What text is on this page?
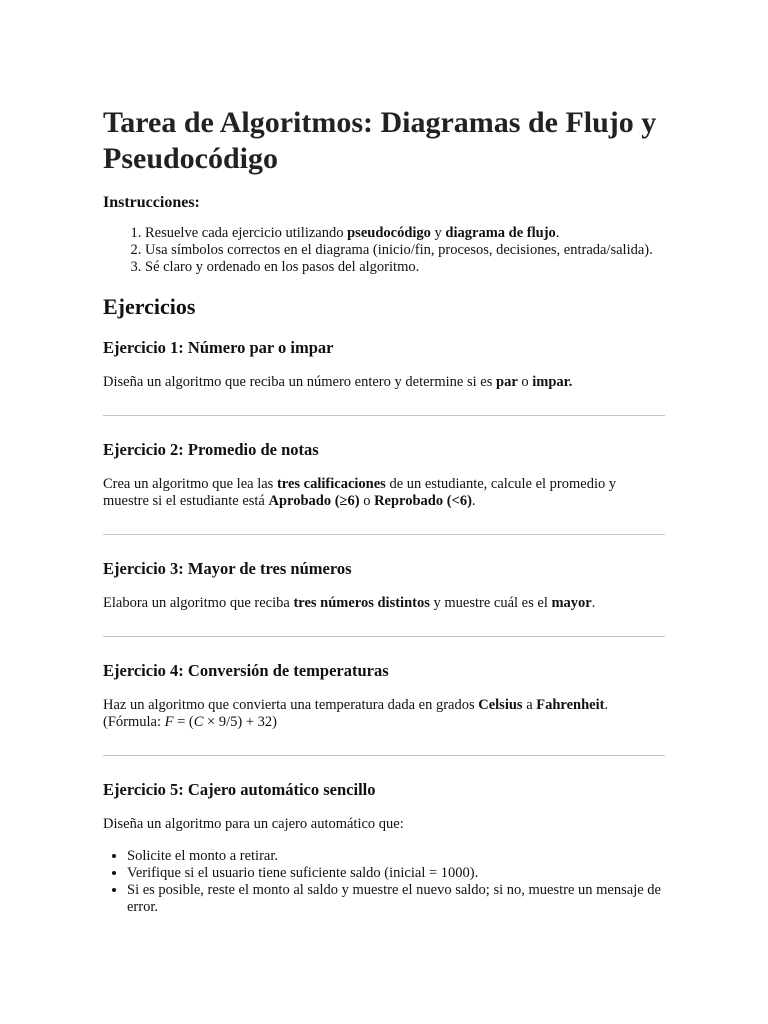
Tarea de Algoritmos: Diagramas de Flujo y Pseudocódigo
Instrucciones:
1. Resuelve cada ejercicio utilizando pseudocódigo y diagrama de flujo.
2. Usa símbolos correctos en el diagrama (inicio/fin, procesos, decisiones, entrada/salida).
3. Sé claro y ordenado en los pasos del algoritmo.
Ejercicios
Ejercicio 1: Número par o impar

Diseña un algoritmo que reciba un número entero y determine si es par o impar.

Ejercicio 2: Promedio de notas

Crea un algoritmo que lea las tres calificaciones de un estudiante, calcule el promedio y muestre si el estudiante está Aprobado (≥6) o Reprobado (<6).

Ejercicio 3: Mayor de tres números

Elabora un algoritmo que reciba tres números distintos y muestre cuál es el mayor.

Ejercicio 4: Conversión de temperaturas

Haz un algoritmo que convierta una temperatura dada en grados Celsius a Fahrenheit.
(Fórmula: F = (C × 9/5) + 32)

Ejercicio 5: Cajero automático sencillo

Diseña un algoritmo para un cajero automático que:

• Solicite el monto a retirar.
• Verifique si el usuario tiene suficiente saldo (inicial = 1000).
• Si es posible, reste el monto al saldo y muestre el nuevo saldo; si no, muestre un mensaje de error.
